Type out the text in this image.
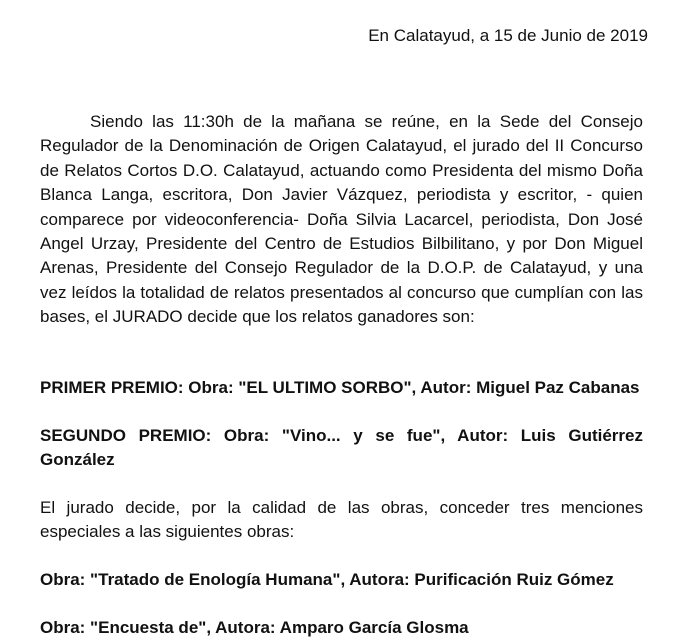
En Calatayud, a 15 de Junio de 2019

Siendo las 11:30h de la mañana se reúne, en la Sede del Consejo Regulador de la Denominación de Origen Calatayud, el jurado del II Concurso de Relatos Cortos D.O. Calatayud, actuando como Presidenta del mismo Doña Blanca Langa, escritora, Don Javier Vázquez, periodista y escritor, - quien comparece por videoconferencia- Doña Silvia Lacarcel, periodista, Don José Angel Urzay, Presidente del Centro de Estudios Bilbilitano, y por Don Miguel Arenas, Presidente del Consejo Regulador de la D.O.P. de Calatayud, y una vez leídos la totalidad de relatos presentados al concurso que cumplían con las bases, el JURADO decide que los relatos ganadores son:

PRIMER PREMIO: Obra: "EL ULTIMO SORBO", Autor: Miguel Paz Cabanas

SEGUNDO PREMIO: Obra: "Vino... y se fue", Autor: Luis Gutiérrez González

El jurado decide, por la calidad de las obras, conceder tres menciones especiales a las siguientes obras:

Obra: "Tratado de Enología Humana", Autora: Purificación Ruiz Gómez

Obra: "Encuesta de", Autora: Amparo García Glosma
